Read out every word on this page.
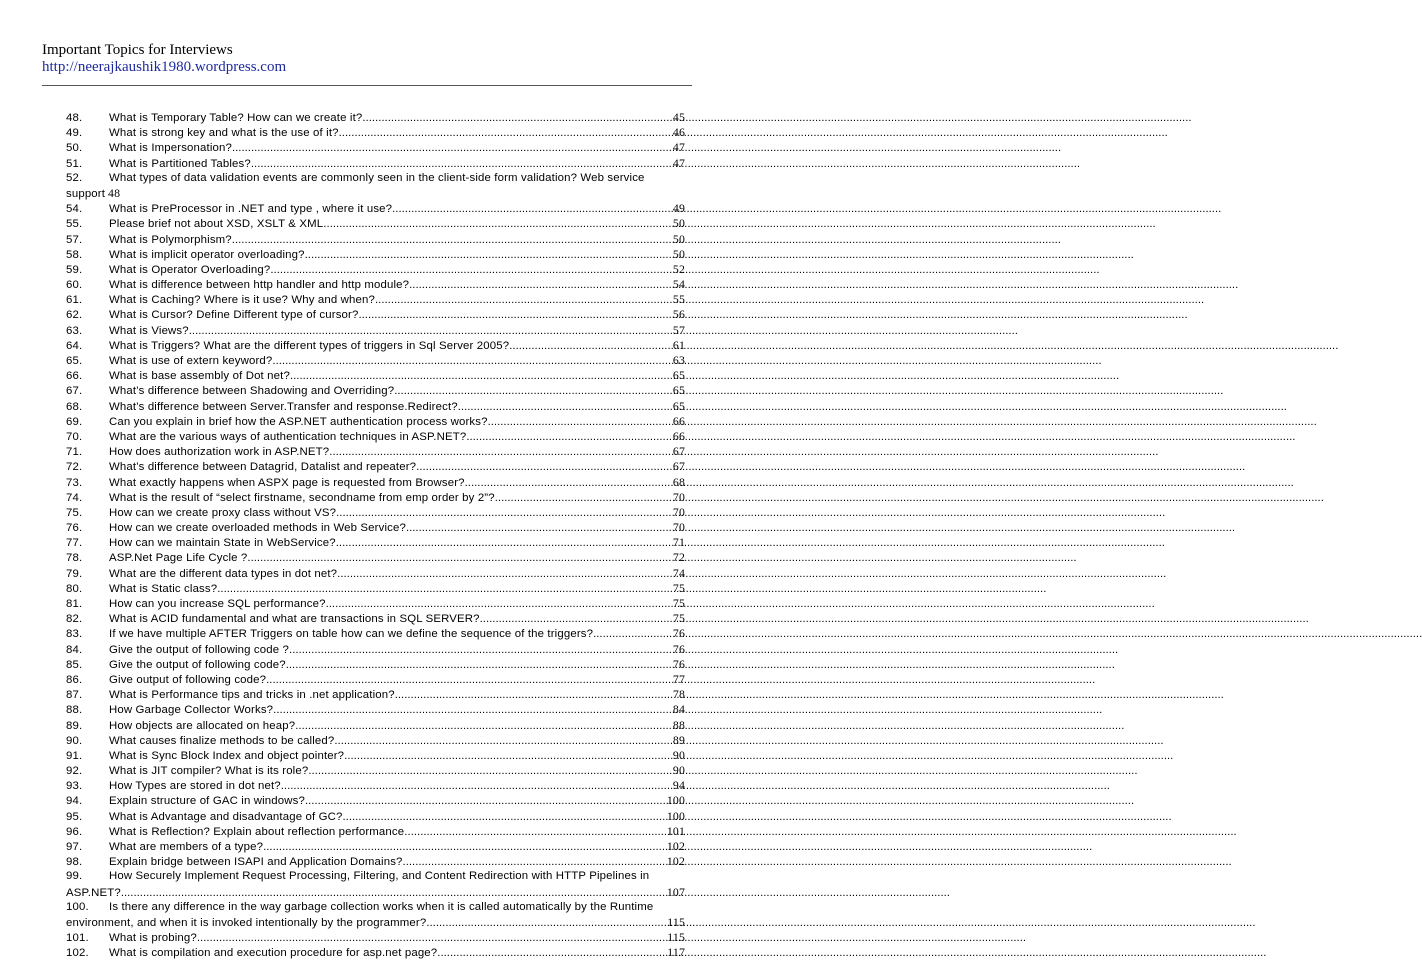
Important Topics for Interviews
http://neerajkaushik1980.wordpress.com
48.	What is Temporary Table? How can we create it? .....	45
49.	What is strong key and what is the use of it? .....	46
50.	What is Impersonation? .....	47
51.	What is Partitioned Tables? .....	47
52.	What types of data validation events are commonly seen in the client-side form validation? Web service
support 48
54.	What is PreProcessor in .NET and type , where it use? .....	49
55.	Please brief not about XSD, XSLT & XML. .....	50
57.	What is Polymorphism? .....	50
58.	What is implicit operator overloading? .....	50
59.	What is Operator Overloading? .....	52
60.	What is difference between http handler and http module? .....	54
61.	What is Caching? Where is it use? Why and when? .....	55
62.	What is Cursor? Define Different type of cursor? .....	56
63.	What is Views? .....	57
64.	What is Triggers? What are the different types of triggers in Sql Server 2005? .....	61
65.	What is use of extern keyword? .....	63
66.	What is base assembly of Dot net? .....	65
67.	What’s difference between Shadowing and Overriding? .....	65
68.	What’s difference between Server.Transfer and response.Redirect? .....	65
69.	Can you explain in brief how the ASP.NET authentication process works? .....	66
70.	What are the various ways of authentication techniques in ASP.NET? .....	66
71.	How does authorization work in ASP.NET? .....	67
72.	What’s difference between Datagrid, Datalist and repeater? .....	67
73.	What exactly happens when ASPX page is requested from Browser? .....	68
74.	What is the result of “select firstname, secondname from emp order by 2”? .....	70
75.	How can we create proxy class without VS? .....	70
76.	How can we create overloaded methods in Web Service? .....	70
77.	How can we maintain State in WebService? .....	71
78.	ASP.Net Page Life Cycle ? .....	72
79.	What are the different data types in dot net? .....	74
80.	What is Static class? .....	75
81.	How can you increase SQL performance? .....	75
82.	What is ACID fundamental and what are transactions in SQL SERVER? .....	75
83.	If we have multiple AFTER Triggers on table how can we define the sequence of the triggers? .....	76
84.	Give the output of following code ? .....	76
85.	Give the output of following code? .....	76
86.	Give output of following code? .....	77
87.	What is Performance tips and tricks in .net application? .....	78
88.	How Garbage Collector Works? .....	84
89.	How objects are allocated on heap? .....	88
90.	What causes finalize methods to be called? .....	89
91.	What is Sync Block Index and object pointer? .....	90
92.	What is JIT compiler? What is its role? .....	90
93.	How Types are stored in dot net? .....	94
94.	Explain structure of GAC in windows? .....	100
95.	What is Advantage and disadvantage of GC? .....	100
96.	What is Reflection? Explain about reflection performance. .....	101
97.	What are members of a type? .....	102
98.	Explain bridge between ISAPI and Application Domains? .....	102
99.	How Securely Implement Request Processing, Filtering, and Content Redirection with HTTP Pipelines in
ASP.NET? .....	107
100.	Is there any difference in the way garbage collection works when it is called automatically by the Runtime
environment, and when it is invoked intentionally by the programmer? .....	115
101.	What is probing? .....	115
102.	What is compilation and execution procedure for asp.net page? .....	117
